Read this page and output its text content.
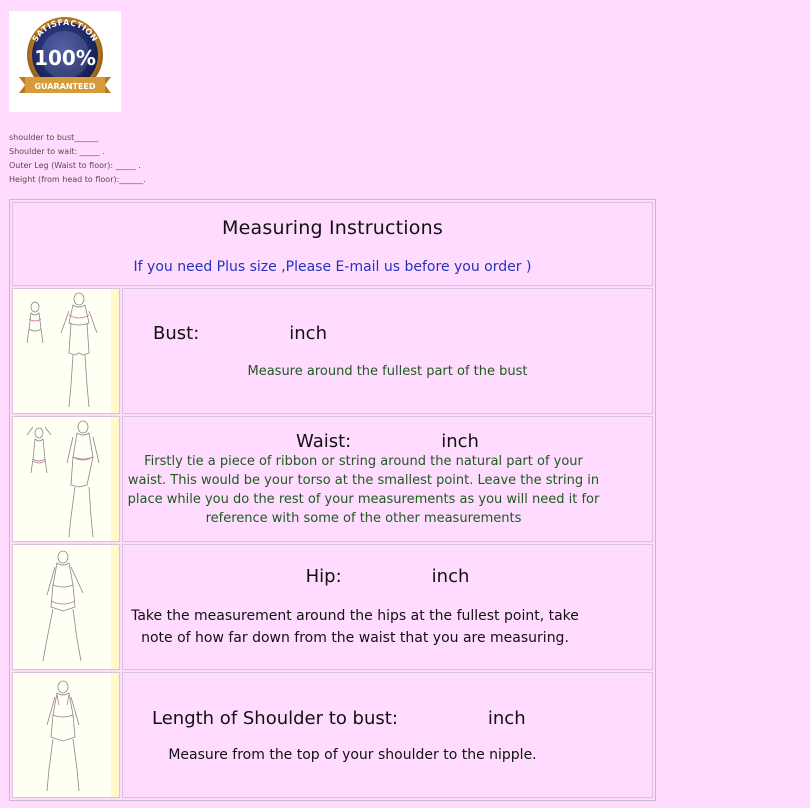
SATISFACTION
100%
GUARANTEED
shoulder to bust______
Shoulder to wait: _____ .
Outer Leg (Waist to floor): _____ .
Height (from head to floor):______.
Measuring Instructions
If you need Plus size ,Please E-mail us before you order )	

Bust: inch
Measure around the fullest part of the bust

Waist: inch
Firstly tie a piece of ribbon or string around the natural part of your waist. This would be your torso at the smallest point. Leave the string in place while you do the rest of your measurements as you will need it for reference with some of the other measurements

Hip: inch
Take the measurement around the hips at the fullest point, take note of how far down from the waist that you are measuring.

Length of Shoulder to bust: inch
Measure from the top of your shoulder to the nipple.
